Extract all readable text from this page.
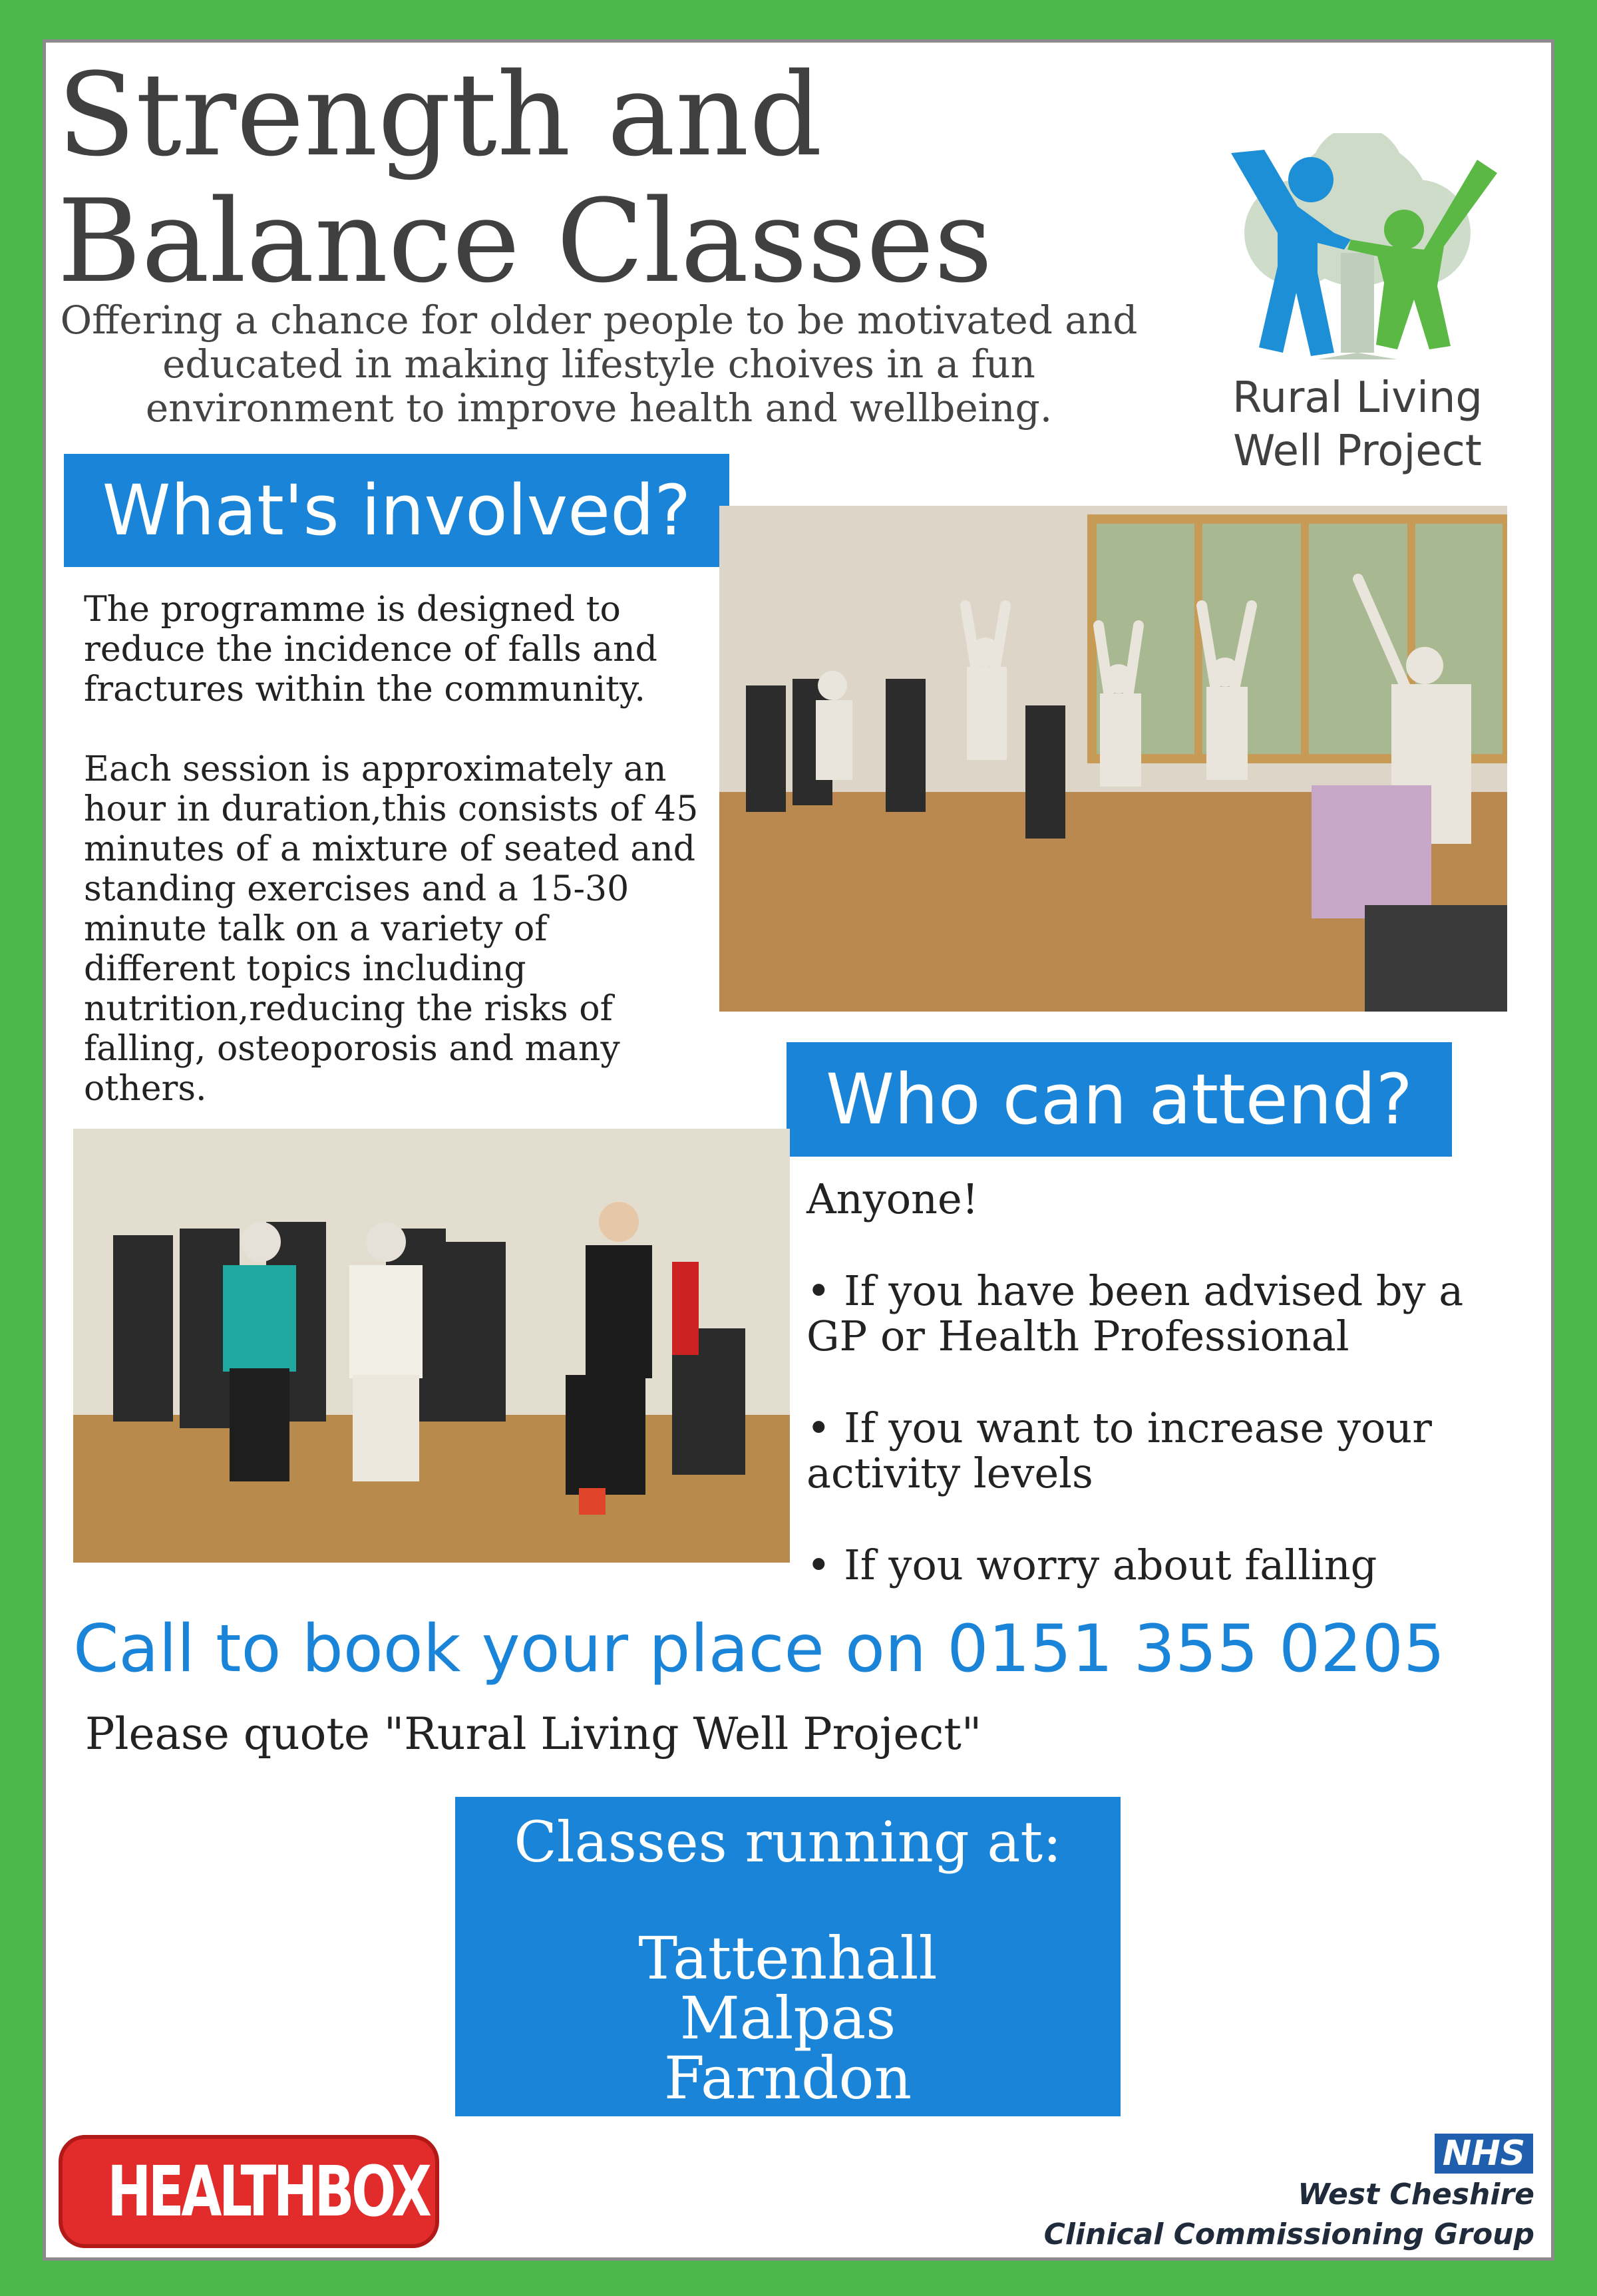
Strength and
Balance Classes
Offering a chance for older people to be motivated and
educated in making lifestyle choives in a fun
environment to improve health and wellbeing.	Rural Living
Well Project
What's involved?

The programme is designed to reduce the incidence of falls and fractures within the community.

Each session is approximately an hour in duration,this consists of 45 minutes of a mixture of seated and standing exercises and a 15-30 minute talk on a variety of different topics including nutrition,reducing the risks of falling, osteoporosis and many others.	Who can attend?
Anyone!
• If you have been advised by a GP or Health Professional
• If you want to increase your activity levels
• If you worry about falling
Call to book your place on 0151 355 0205
Please quote "Rural Living Well Project"
Classes running at:
Tattenhall
Malpas
Farndon
HEALTHBOX	NHS
West Cheshire
Clinical Commissioning Group
